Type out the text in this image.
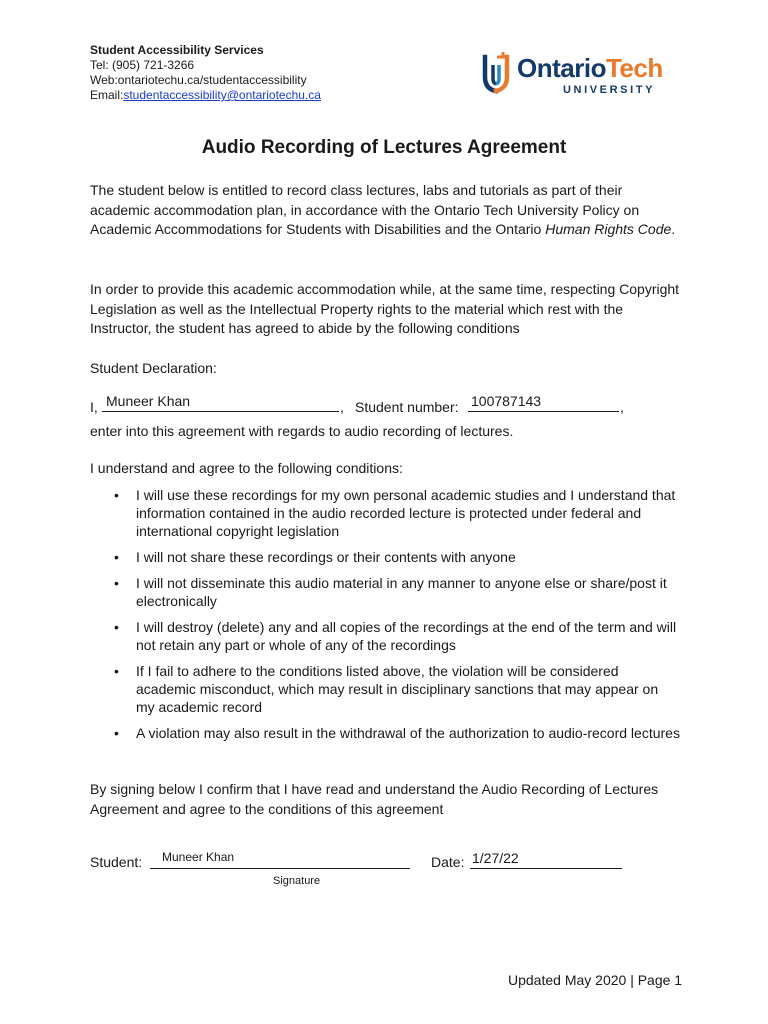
Student Accessibility Services
Tel: (905) 721-3266
Web:ontariotechu.ca/studentaccessibility
Email:studentaccessibility@ontariotechu.ca
OntarioTech
UNIVERSITY
Audio Recording of Lectures Agreement
The student below is entitled to record class lectures, labs and tutorials as part of their academic accommodation plan, in accordance with the Ontario Tech University Policy on Academic Accommodations for Students with Disabilities and the Ontario Human Rights Code.
In order to provide this academic accommodation while, at the same time, respecting Copyright Legislation as well as the Intellectual Property rights to the material which rest with the Instructor, the student has agreed to abide by the following conditions
Student Declaration:
I, Muneer Khan	, Student number: 100787143	,
enter into this agreement with regards to audio recording of lectures.
I understand and agree to the following conditions:
• I will use these recordings for my own personal academic studies and I understand that information contained in the audio recorded lecture is protected under federal and international copyright legislation
• I will not share these recordings or their contents with anyone
• I will not disseminate this audio material in any manner to anyone else or share/post it electronically
• I will destroy (delete) any and all copies of the recordings at the end of the term and will not retain any part or whole of any of the recordings
• If I fail to adhere to the conditions listed above, the violation will be considered academic misconduct, which may result in disciplinary sanctions that may appear on my academic record
• A violation may also result in the withdrawal of the authorization to audio-record lectures
By signing below I confirm that I have read and understand the Audio Recording of Lectures Agreement and agree to the conditions of this agreement
Student: Muneer Khan
Signature
Date: 1/27/22
Updated May 2020 | Page 1
